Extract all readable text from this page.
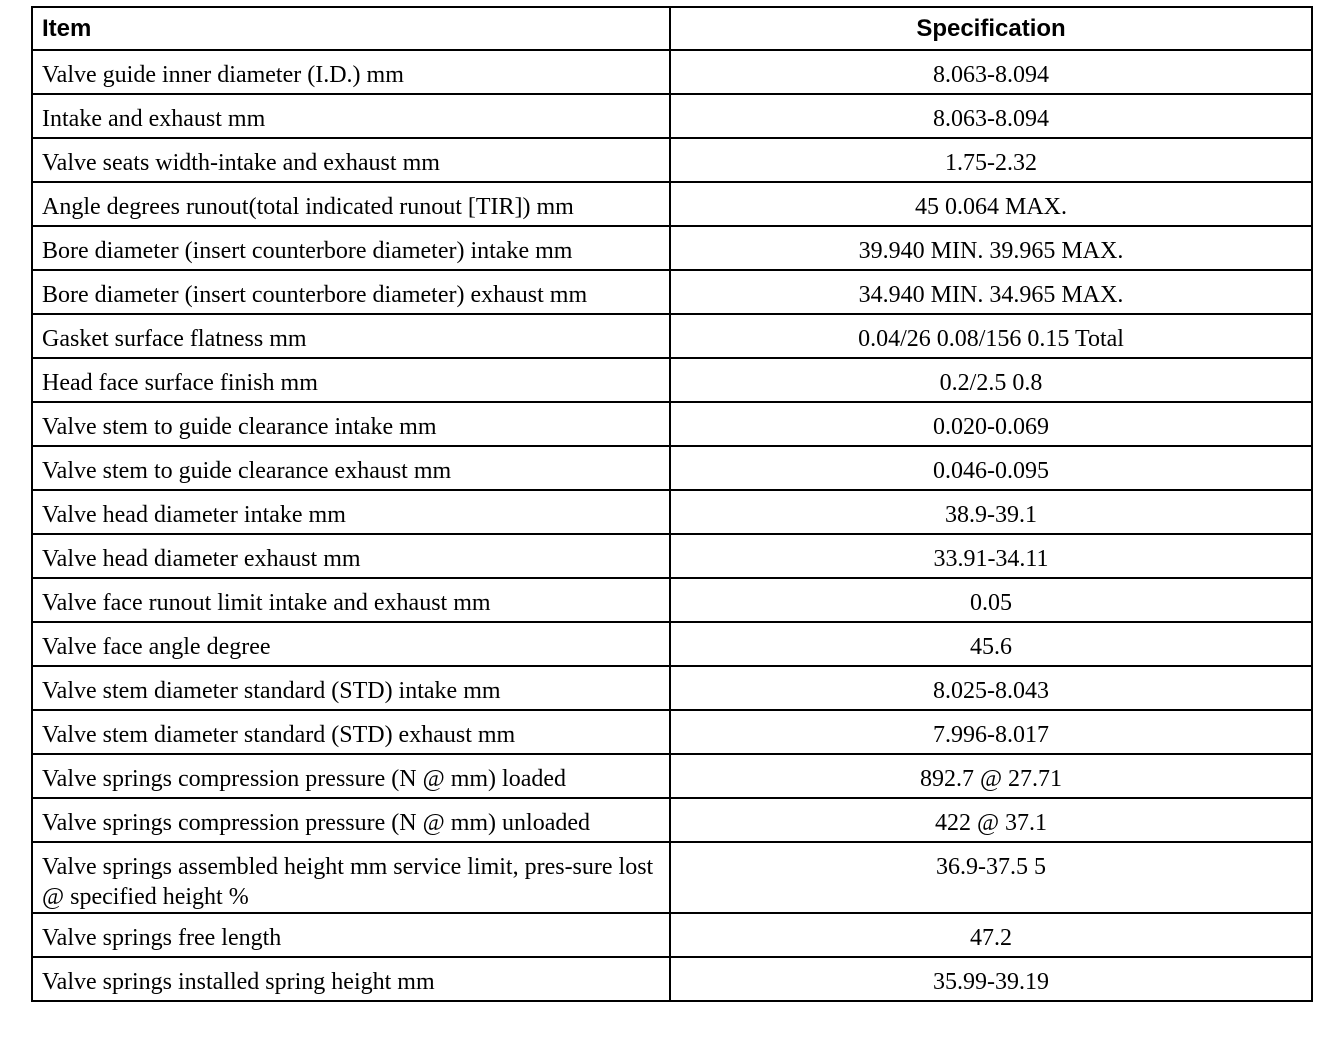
Item	Specification
Valve guide inner diameter (I.D.) mm	8.063-8.094
Intake and exhaust mm	8.063-8.094
Valve seats width-intake and exhaust mm	1.75-2.32
Angle degrees runout(total indicated runout [TIR]) mm	45 0.064 MAX.
Bore diameter (insert counterbore diameter) intake mm	39.940 MIN. 39.965 MAX.
Bore diameter (insert counterbore diameter) exhaust mm	34.940 MIN. 34.965 MAX.
Gasket surface flatness mm	0.04/26 0.08/156 0.15 Total
Head face surface finish mm	0.2/2.5 0.8
Valve stem to guide clearance intake mm	0.020-0.069
Valve stem to guide clearance exhaust mm	0.046-0.095
Valve head diameter intake mm	38.9-39.1
Valve head diameter exhaust mm	33.91-34.11
Valve face runout limit intake and exhaust mm	0.05
Valve face angle degree	45.6
Valve stem diameter standard (STD) intake mm	8.025-8.043
Valve stem diameter standard (STD) exhaust mm	7.996-8.017
Valve springs compression pressure (N @ mm) loaded	892.7 @ 27.71
Valve springs compression pressure (N @ mm) unloaded	422 @ 37.1
Valve springs assembled height mm service limit, pres-sure lost @ specified height %	36.9-37.5 5
Valve springs free length	47.2
Valve springs installed spring height mm	35.99-39.19
